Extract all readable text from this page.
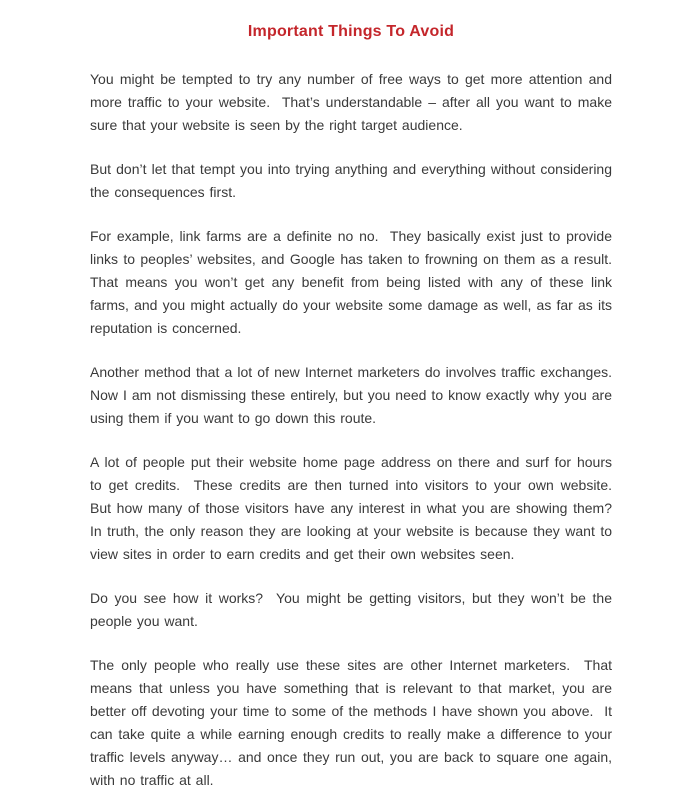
Important Things To Avoid

You might be tempted to try any number of free ways to get more attention and more traffic to your website.  That’s understandable – after all you want to make sure that your website is seen by the right target audience.

But don’t let that tempt you into trying anything and everything without considering the consequences first.

For example, link farms are a definite no no.  They basically exist just to provide links to peoples’ websites, and Google has taken to frowning on them as a result.  That means you won’t get any benefit from being listed with any of these link farms, and you might actually do your website some damage as well, as far as its reputation is concerned.

Another method that a lot of new Internet marketers do involves traffic exchanges.  Now I am not dismissing these entirely, but you need to know exactly why you are using them if you want to go down this route.

A lot of people put their website home page address on there and surf for hours to get credits.  These credits are then turned into visitors to your own website.  But how many of those visitors have any interest in what you are showing them?  In truth, the only reason they are looking at your website is because they want to view sites in order to earn credits and get their own websites seen.

Do you see how it works?  You might be getting visitors, but they won’t be the people you want.

The only people who really use these sites are other Internet marketers.  That means that unless you have something that is relevant to that market, you are better off devoting your time to some of the methods I have shown you above.  It can take quite a while earning enough credits to really make a difference to your traffic levels anyway… and once they run out, you are back to square one again, with no traffic at all.
